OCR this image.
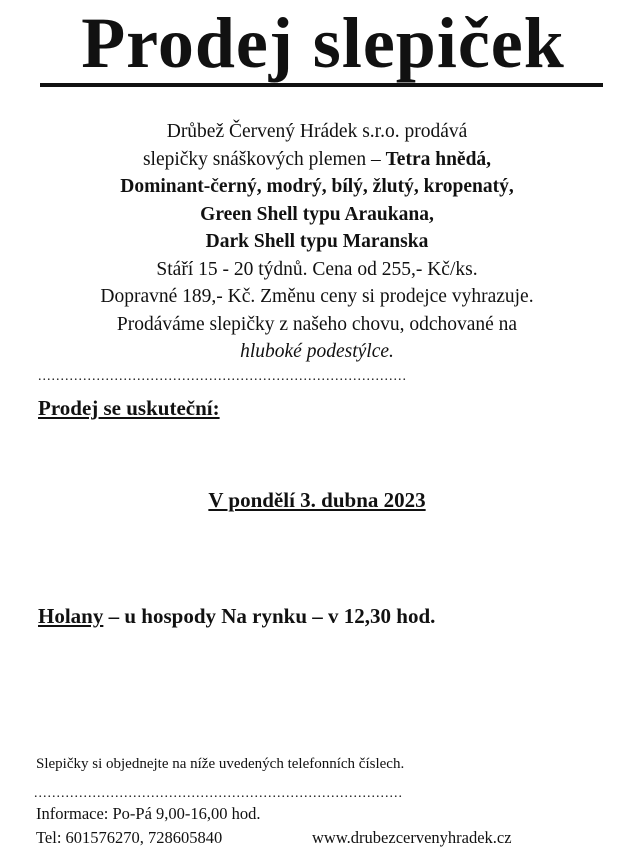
Prodej slepiček
Drůbež Červený Hrádek s.r.o. prodává
slepičky snáškových plemen – Tetra hnědá,
Dominant-černý, modrý, bílý, žlutý, kropenatý,
Green Shell typu Araukana,
Dark Shell typu Maranska
Stáří 15 - 20 týdnů. Cena od 255,- Kč/ks.
Dopravné 189,- Kč. Změnu ceny si prodejce vyhrazuje.
Prodáváme slepičky z našeho chovu, odchované na
hluboké podestýlce.
..................................................................................
Prodej se uskuteční:
V pondělí 3. dubna 2023
Holany – u hospody Na rynku – v 12,30 hod.
Slepičky si objednejte na níže uvedených telefonních číslech.
..................................................................................
Informace: Po-Pá 9,00-16,00 hod.
Tel: 601576270, 728605840	www.drubezcervenyhradek.cz
